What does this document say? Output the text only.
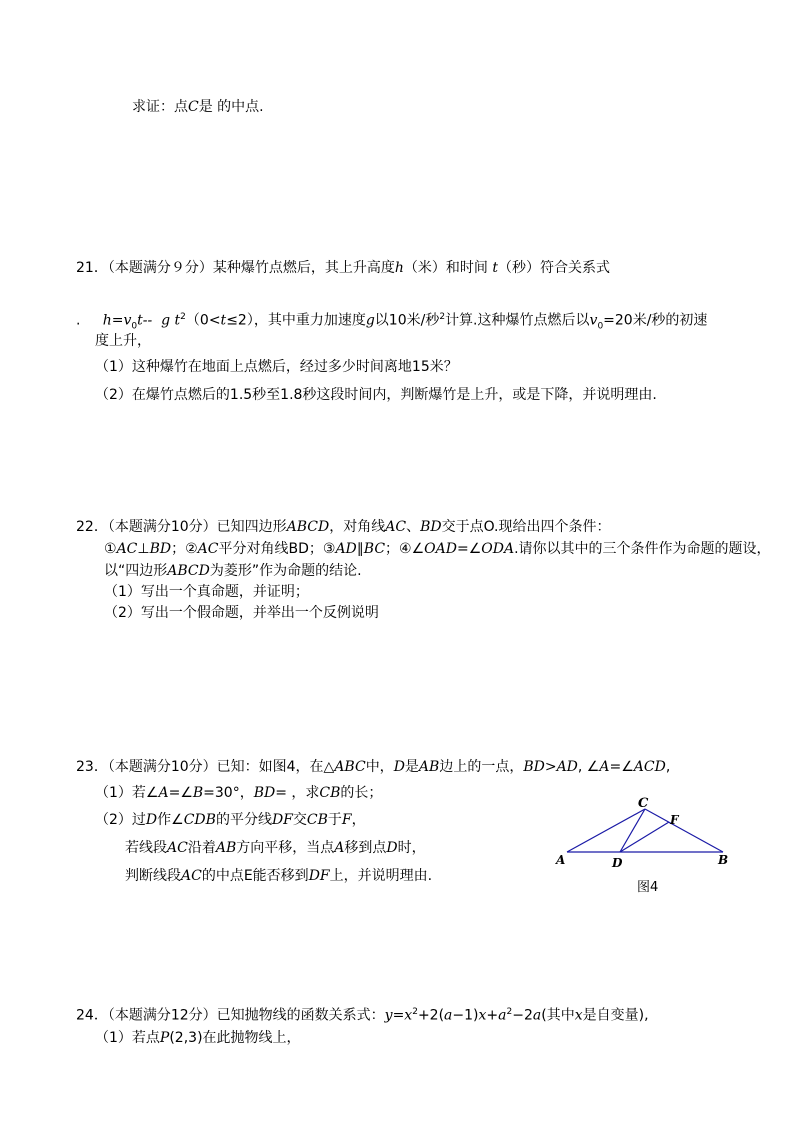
求证：点C是 的中点.
21．（本题满分９分）某种爆竹点燃后，其上升高度h（米）和时间 t（秒）符合关系式
. $h=v_0t--$ g $t^2(0<t\le 2)$，其中重力加速度g以10米/秒$^2$计算.这种爆竹点燃后以$v_0=20$米/秒的初速
度上升，
（1）这种爆竹在地面上点燃后，经过多少时间离地15米？
（2）在爆竹点燃后的1.5秒至1.8秒这段时间内，判断爆竹是上升，或是下降，并说明理由.
22．（本题满分10分）已知四边形ABCD，对角线AC、BD交于点O.现给出四个条件：
①AC⊥BD；②AC平分对角线BD；③AD∥BC；④∠OAD=∠ODA.请你以其中的三个条件作为命题的题设，
以“四边形ABCD为菱形”作为命题的结论.
（1）写出一个真命题，并证明；
（2）写出一个假命题，并举出一个反例说明
23．（本题满分10分）已知：如图4，在△ABC中，D是AB边上的一点，BD>AD, ∠A=∠ACD,
（1）若∠A=∠B=30°，BD= ，求CB的长；
（2）过D作∠CDB的平分线DF交CB于F，
若线段AC沿着AB方向平移，当点A移到点D时，
判断线段AC的中点E能否移到DF上，并说明理由.
C
F
A	D	B
图4
24．（本题满分12分）已知抛物线的函数关系式：$y=x^2+2(a-1)x+a^2-2a$(其中x是自变量),
（1）若点P(2,3)在此抛物线上，
